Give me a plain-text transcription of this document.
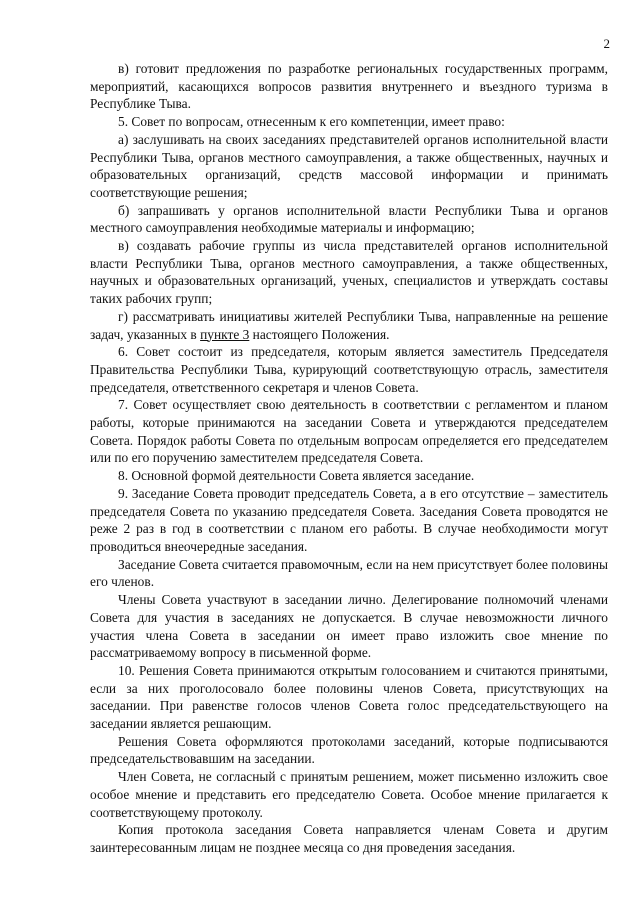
2

в) готовит предложения по разработке региональных государственных программ, мероприятий, касающихся вопросов развития внутреннего и въездного туризма в Республике Тыва.

5. Совет по вопросам, отнесенным к его компетенции, имеет право:

а) заслушивать на своих заседаниях представителей органов исполнительной власти Республики Тыва, органов местного самоуправления, а также общественных, научных и образовательных организаций, средств массовой информации и принимать соответствующие решения;

б) запрашивать у органов исполнительной власти Республики Тыва и органов местного самоуправления необходимые материалы и информацию;

в) создавать рабочие группы из числа представителей органов исполнительной власти Республики Тыва, органов местного самоуправления, а также общественных, научных и образовательных организаций, ученых, специалистов и утверждать составы таких рабочих групп;

г) рассматривать инициативы жителей Республики Тыва, направленные на решение задач, указанных в пункте 3 настоящего Положения.

6. Совет состоит из председателя, которым является заместитель Председателя Правительства Республики Тыва, курирующий соответствующую отрасль, заместителя председателя, ответственного секретаря и членов Совета.

7. Совет осуществляет свою деятельность в соответствии с регламентом и планом работы, которые принимаются на заседании Совета и утверждаются председателем Совета. Порядок работы Совета по отдельным вопросам определяется его председателем или по его поручению заместителем председателя Совета.

8. Основной формой деятельности Совета является заседание.

9. Заседание Совета проводит председатель Совета, а в его отсутствие – заместитель председателя Совета по указанию председателя Совета. Заседания Совета проводятся не реже 2 раз в год в соответствии с планом его работы. В случае необходимости могут проводиться внеочередные заседания.

Заседание Совета считается правомочным, если на нем присутствует более половины его членов.

Члены Совета участвуют в заседании лично. Делегирование полномочий членами Совета для участия в заседаниях не допускается. В случае невозможности личного участия члена Совета в заседании он имеет право изложить свое мнение по рассматриваемому вопросу в письменной форме.

10. Решения Совета принимаются открытым голосованием и считаются принятыми, если за них проголосовало более половины членов Совета, присутствующих на заседании. При равенстве голосов членов Совета голос председательствующего на заседании является решающим.

Решения Совета оформляются протоколами заседаний, которые подписываются председательствовавшим на заседании.

Член Совета, не согласный с принятым решением, может письменно изложить свое особое мнение и представить его председателю Совета. Особое мнение прилагается к соответствующему протоколу.

Копия протокола заседания Совета направляется членам Совета и другим заинтересованным лицам не позднее месяца со дня проведения заседания.
